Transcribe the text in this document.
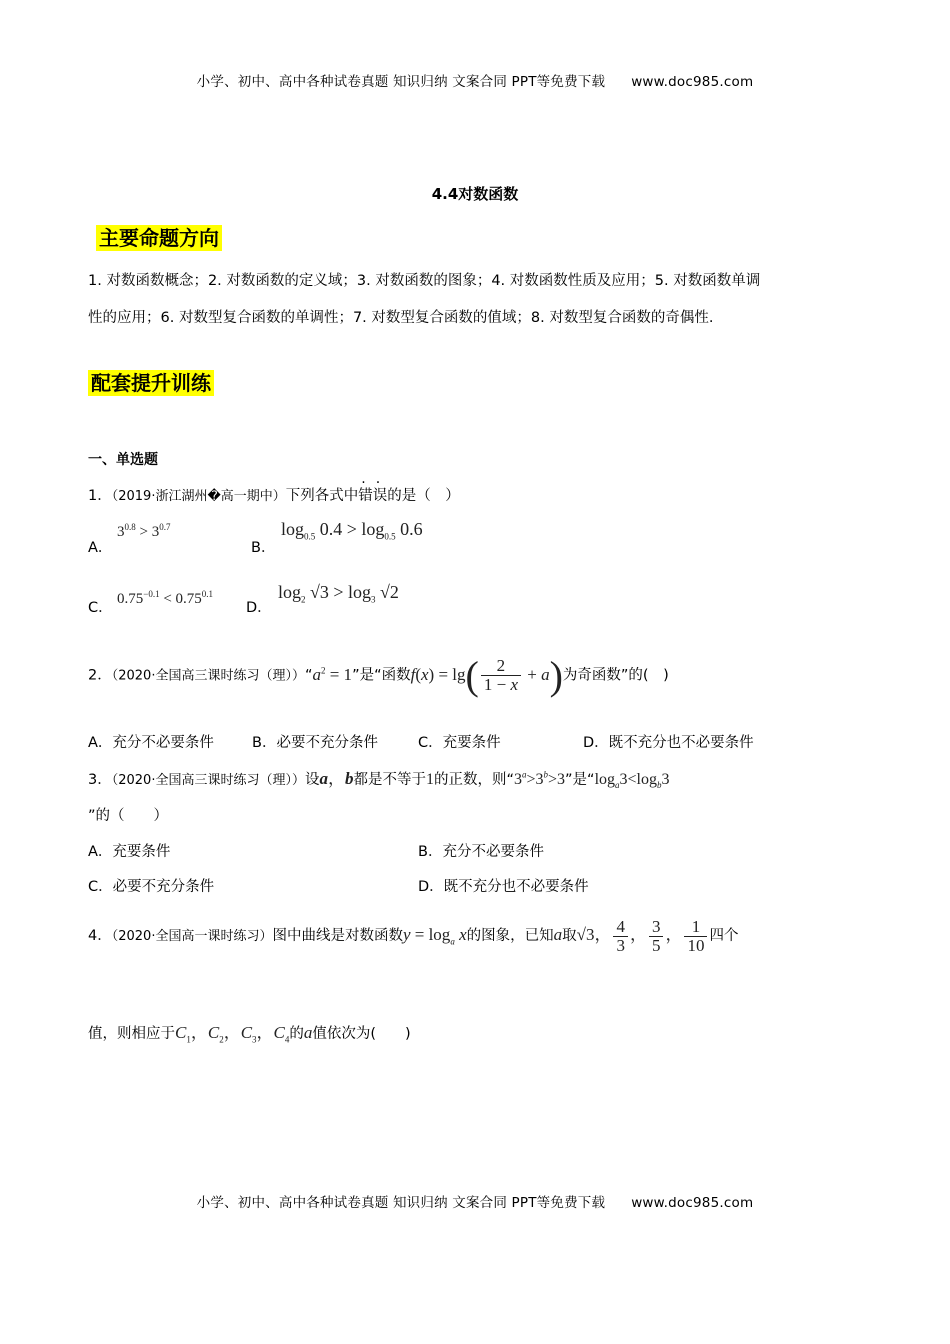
小学、初中、高中各种试卷真题 知识归纳 文案合同 PPT等免费下载 www.doc985.com
4.4对数函数
主要命题方向
1. 对数函数概念；2. 对数函数的定义域；3. 对数函数的图象；4. 对数函数性质及应用；5. 对数函数单调
性的应用；6. 对数型复合函数的单调性；7. 对数型复合函数的值域；8. 对数型复合函数的奇偶性.
配套提升训练
一、单选题
1．（2019·浙江湖州�高一期中）下列各式中错误的是（　）
A．
$3^{0.8} > 3^{0.7}$
B．
$\log_{0.5} 0.4 > \log_{0.5} 0.6$
C．
$0.75^{-0.1} < 0.75^{0.1}$
D．
$\log_2 √3 > \log_3 √2$
2．（2020·全国高三课时练习（理））“$a^2 = 1$”是“函数$f(x) = \lg( \frac{2}{1 - x} + a)$为奇函数”的(　)
A．充分不必要条件	B．必要不充分条件	C．充要条件	D．既不充分也不必要条件
3．（2020·全国高三课时练习（理））设a，b都是不等于1的正数，则“$3^a>3^b>3$”是“$\log_a3<\log_b3$
”的（　　）
A．充要条件	B．充分不必要条件
C．必要不充分条件	D．既不充分也不必要条件
4．（2020·全国高一课时练习）图中曲线是对数函数$y = \log_a x$的图象，已知a取√3， $\frac{4}{3}$ ， $\frac{3}{5}$ ， $\frac{1}{10}$ 四个
值，则相应于$C_1$，$C_2$，$C_3$，$C_4$的a值依次为(　　)
小学、初中、高中各种试卷真题 知识归纳 文案合同 PPT等免费下载 www.doc985.com
